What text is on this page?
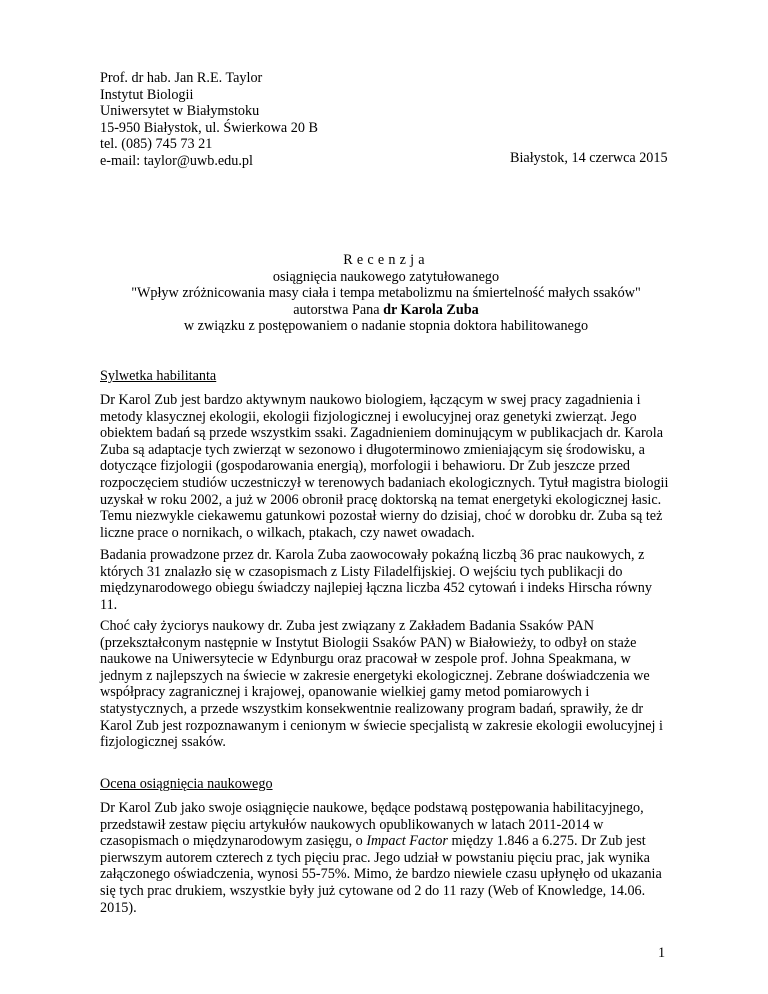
Prof. dr hab. Jan R.E. Taylor
Instytut Biologii
Uniwersytet w Białymstoku
15-950 Białystok, ul. Świerkowa 20 B
tel. (085) 745 73 21
e-mail: taylor@uwb.edu.pl	Białystok, 14 czerwca 2015
Recenzja
osiągnięcia naukowego zatytułowanego
"Wpływ zróżnicowania masy ciała i tempa metabolizmu na śmiertelność małych ssaków"
autorstwa Pana dr Karola Zuba
w związku z postępowaniem o nadanie stopnia doktora habilitowanego
Sylwetka habilitanta
Dr Karol Zub jest bardzo aktywnym naukowo biologiem, łączącym w swej pracy zagadnienia i
metody klasycznej ekologii, ekologii fizjologicznej i ewolucyjnej oraz genetyki zwierząt. Jego
obiektem badań są przede wszystkim ssaki. Zagadnieniem dominującym w publikacjach dr. Karola
Zuba są adaptacje tych zwierząt w sezonowo i długoterminowo zmieniającym się środowisku, a
dotyczące fizjologii (gospodarowania energią), morfologii i behawioru. Dr Zub jeszcze przed
rozpoczęciem studiów uczestniczył w terenowych badaniach ekologicznych. Tytuł magistra biologii
uzyskał w roku 2002, a już w 2006 obronił pracę doktorską na temat energetyki ekologicznej łasic.
Temu niezwykle ciekawemu gatunkowi pozostał wierny do dzisiaj, choć w dorobku dr. Zuba są też
liczne prace o nornikach, o wilkach, ptakach, czy nawet owadach.
Badania prowadzone przez dr. Karola Zuba zaowocowały pokaźną liczbą 36 prac naukowych, z
których 31 znalazło się w czasopismach z Listy Filadelfijskiej. O wejściu tych publikacji do
międzynarodowego obiegu świadczy najlepiej łączna liczba 452 cytowań i indeks Hirscha równy
11.
Choć cały życiorys naukowy dr. Zuba jest związany z Zakładem Badania Ssaków PAN
(przekształconym następnie w Instytut Biologii Ssaków PAN) w Białowieży, to odbył on staże
naukowe na Uniwersytecie w Edynburgu oraz pracował w zespole prof. Johna Speakmana, w
jednym z najlepszych na świecie w zakresie energetyki ekologicznej. Zebrane doświadczenia we
współpracy zagranicznej i krajowej, opanowanie wielkiej gamy metod pomiarowych i
statystycznych, a przede wszystkim konsekwentnie realizowany program badań, sprawiły, że dr
Karol Zub jest rozpoznawanym i cenionym w świecie specjalistą w zakresie ekologii ewolucyjnej i
fizjologicznej ssaków.
Ocena osiągnięcia naukowego
Dr Karol Zub jako swoje osiągnięcie naukowe, będące podstawą postępowania habilitacyjnego,
przedstawił zestaw pięciu artykułów naukowych opublikowanych w latach 2011-2014 w
czasopismach o międzynarodowym zasięgu, o Impact Factor między 1.846 a 6.275. Dr Zub jest
pierwszym autorem czterech z tych pięciu prac. Jego udział w powstaniu pięciu prac, jak wynika
załączonego oświadczenia, wynosi 55-75%. Mimo, że bardzo niewiele czasu upłynęło od ukazania
się tych prac drukiem, wszystkie były już cytowane od 2 do 11 razy (Web of Knowledge, 14.06.
2015).
1
